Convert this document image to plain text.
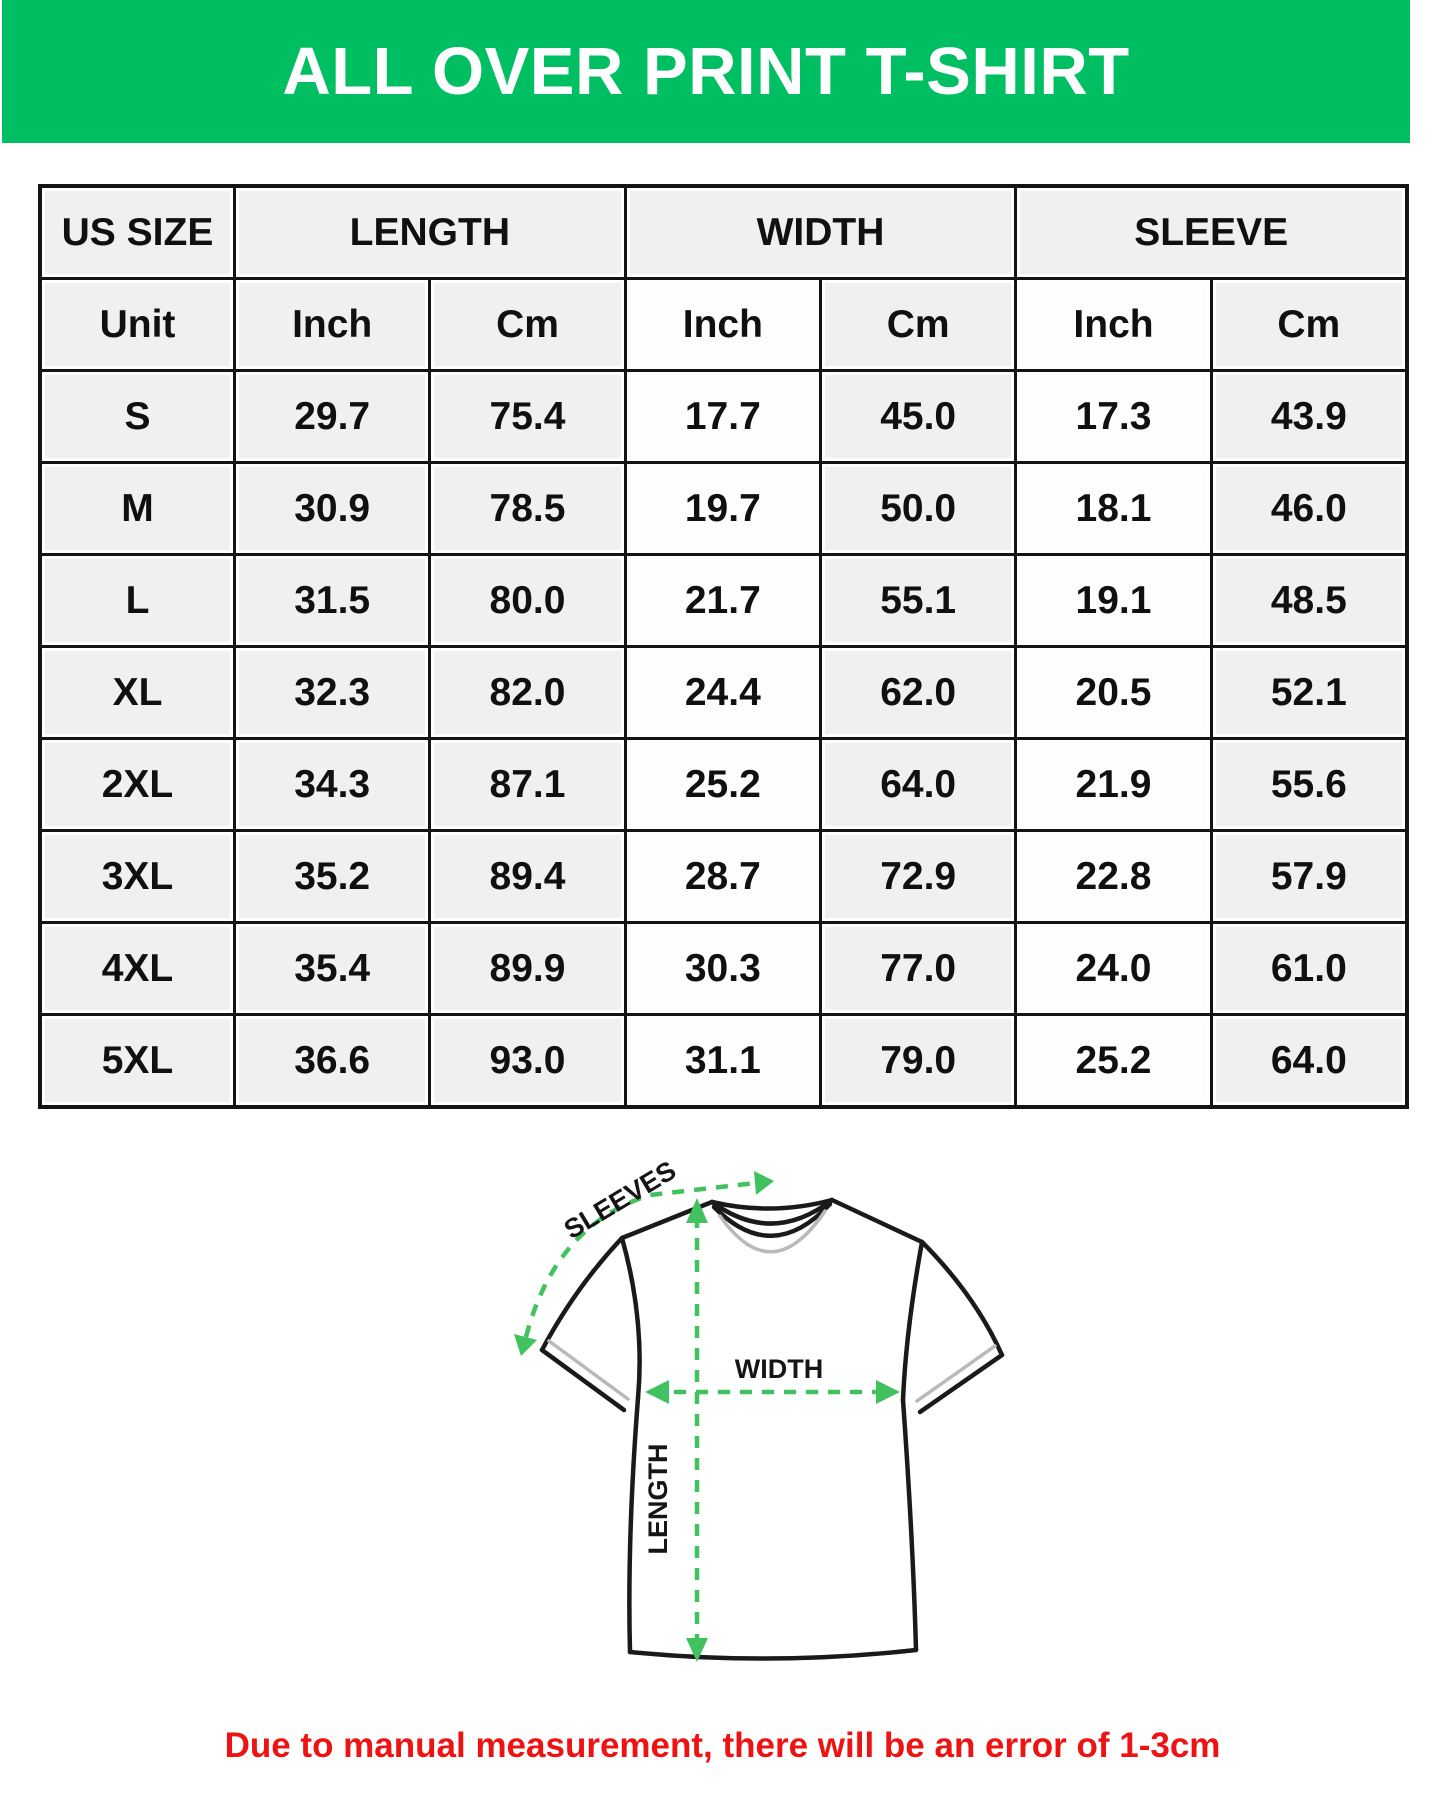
ALL OVER PRINT T-SHIRT
US SIZE	LENGTH	WIDTH	SLEEVE
Unit	Inch	Cm	Inch	Cm	Inch	Cm
S	29.7	75.4	17.7	45.0	17.3	43.9
M	30.9	78.5	19.7	50.0	18.1	46.0
L	31.5	80.0	21.7	55.1	19.1	48.5
XL	32.3	82.0	24.4	62.0	20.5	52.1
2XL	34.3	87.1	25.2	64.0	21.9	55.6
3XL	35.2	89.4	28.7	72.9	22.8	57.9
4XL	35.4	89.9	30.3	77.0	24.0	61.0
5XL	36.6	93.0	31.1	79.0	25.2	64.0
SLEEVES
WIDTH
LENGTH
Due to manual measurement, there will be an error of 1-3cm
